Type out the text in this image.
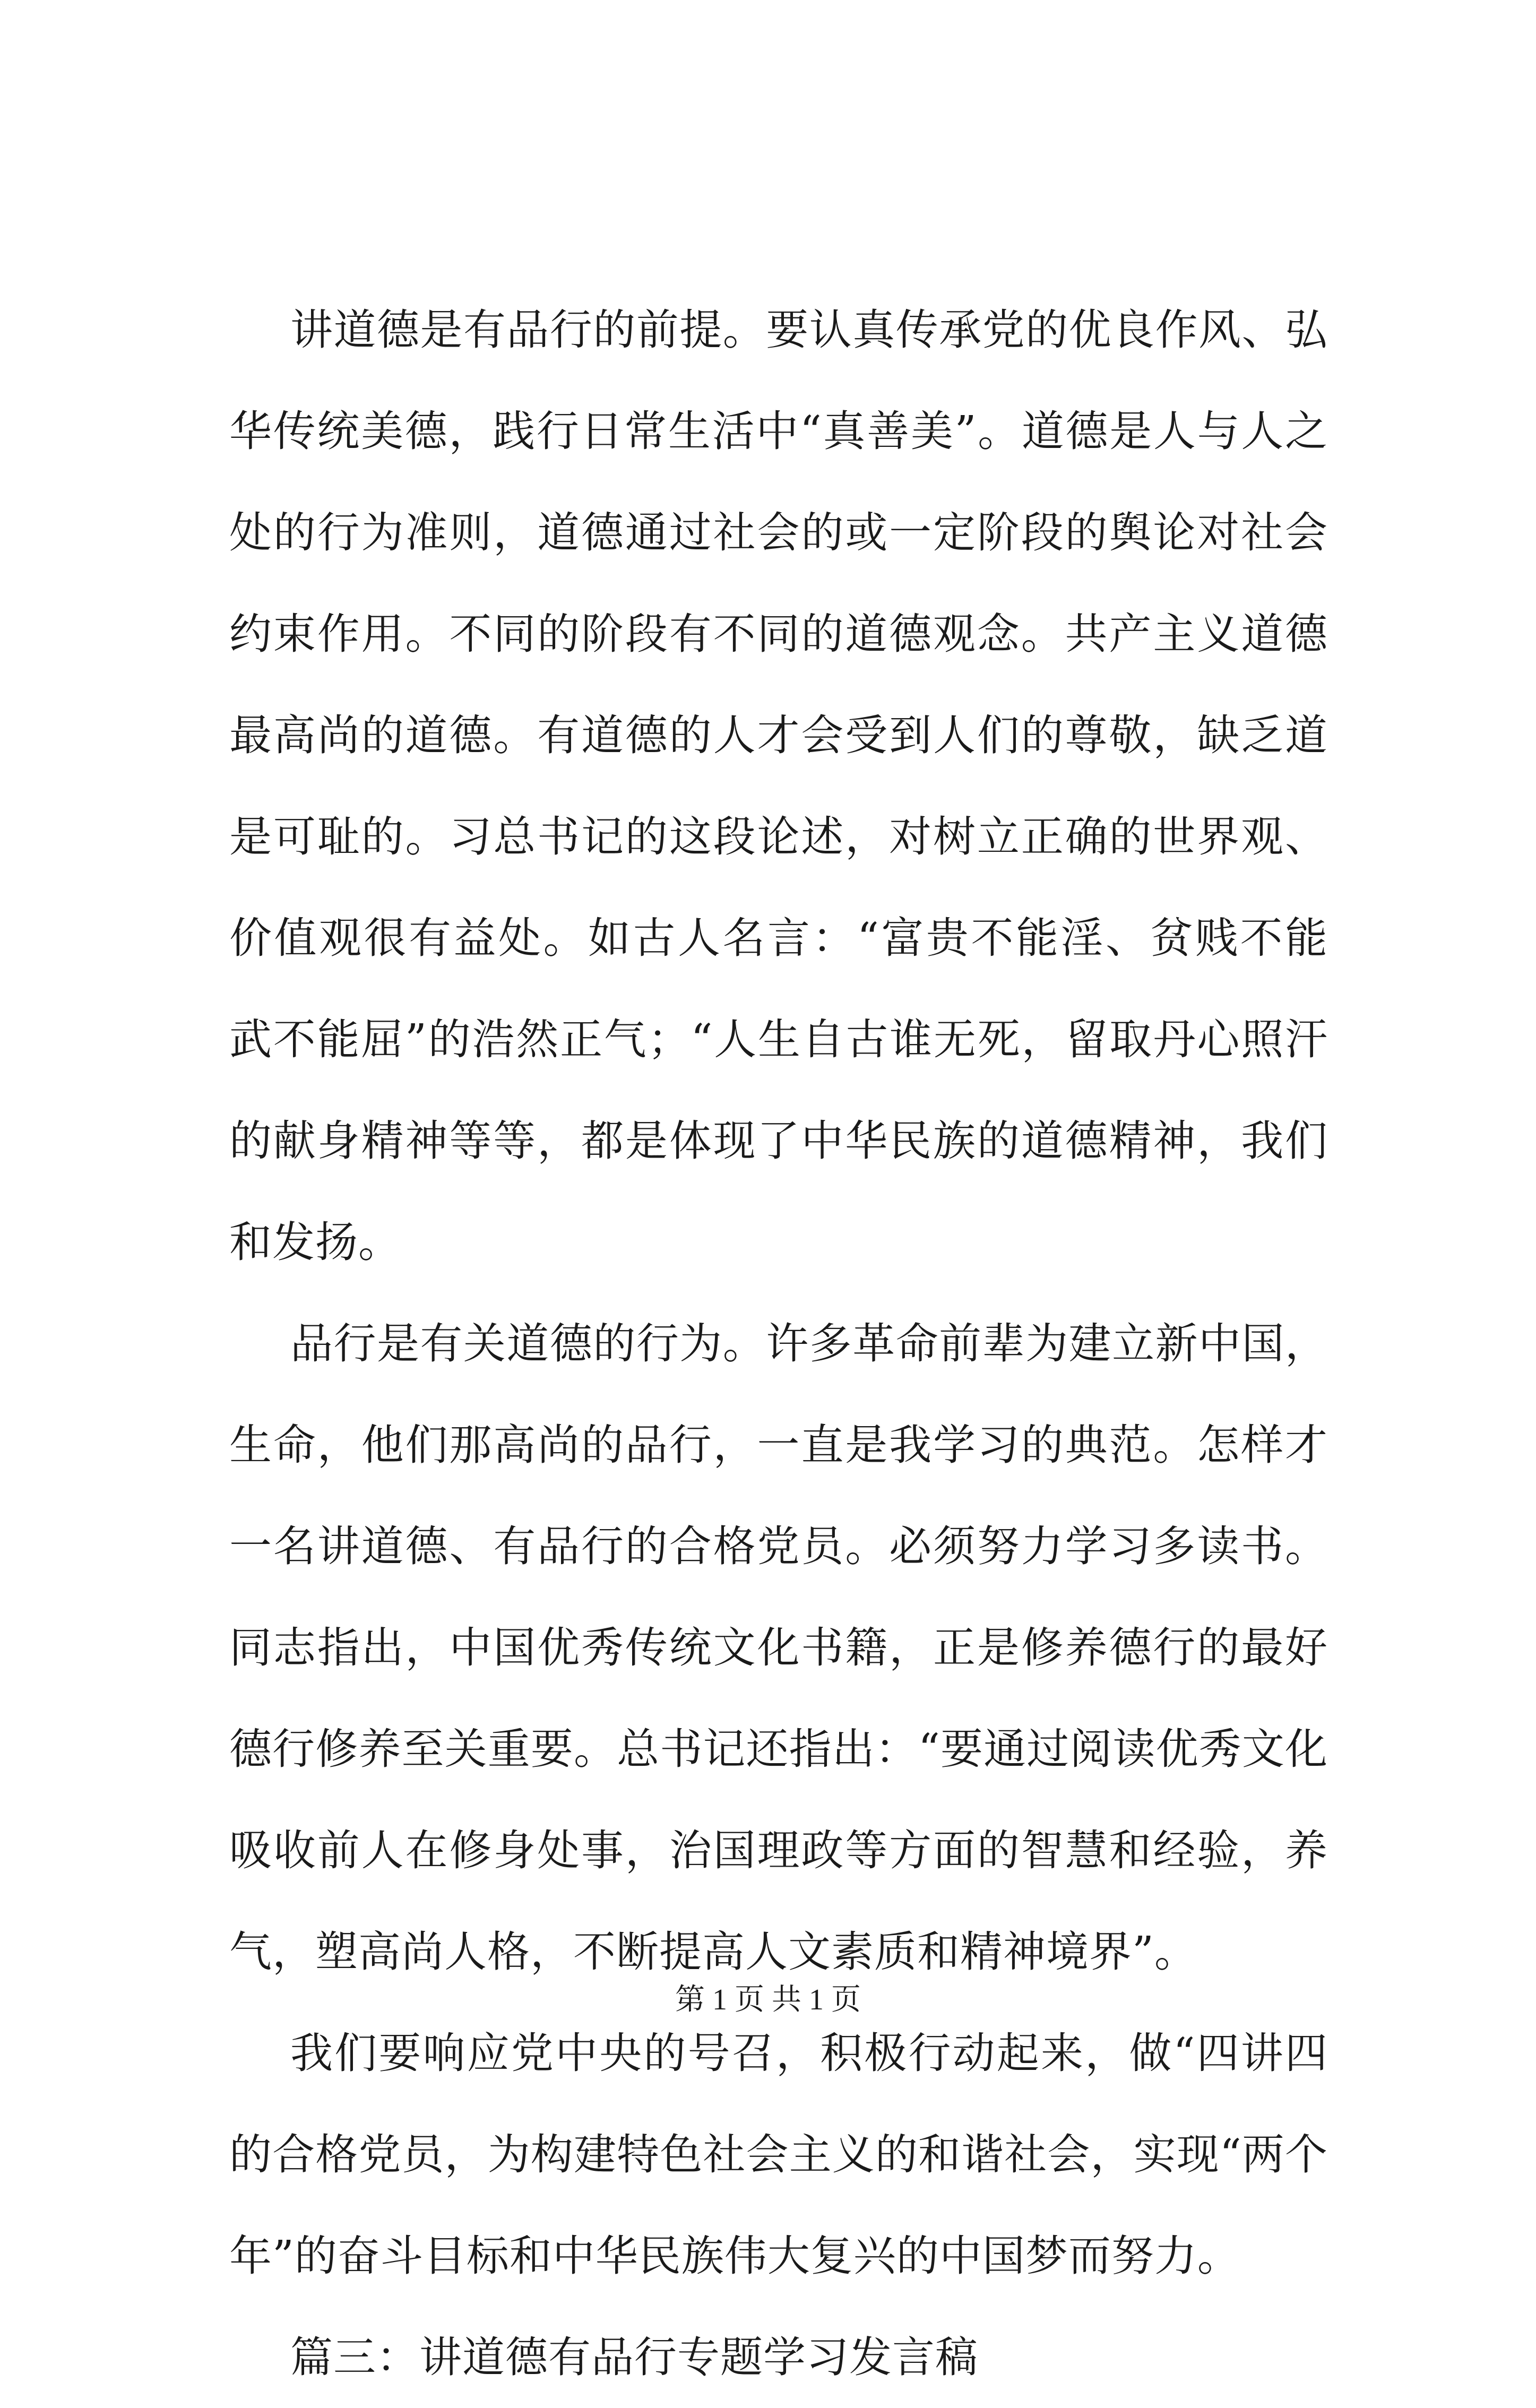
讲道德是有品行的前提。要认真传承党的优良作风、弘
华传统美德，践行日常生活中“真善美”。道德是人与人之
处的行为准则，道德通过社会的或一定阶段的舆论对社会
约束作用。不同的阶段有不同的道德观念。共产主义道德
最高尚的道德。有道德的人才会受到人们的尊敬，缺乏道
是可耻的。习总书记的这段论述，对树立正确的世界观、
价值观很有益处。如古人名言：“富贵不能淫、贫贱不能
武不能屈”的浩然正气；“人生自古谁无死，留取丹心照汗
的献身精神等等，都是体现了中华民族的道德精神，我们
和发扬。
品行是有关道德的行为。许多革命前辈为建立新中国，
生命，他们那高尚的品行，一直是我学习的典范。怎样才
一名讲道德、有品行的合格党员。必须努力学习多读书。
同志指出，中国优秀传统文化书籍，正是修养德行的最好
德行修养至关重要。总书记还指出：“要通过阅读优秀文化
吸收前人在修身处事，治国理政等方面的智慧和经验，养
气，塑高尚人格，不断提高人文素质和精神境界”。
我们要响应党中央的号召，积极行动起来，做“四讲四
的合格党员，为构建特色社会主义的和谐社会，实现“两个
年”的奋斗目标和中华民族伟大复兴的中国梦而努力。
篇三：讲道德有品行专题学习发言稿
第 1 页 共 1 页
